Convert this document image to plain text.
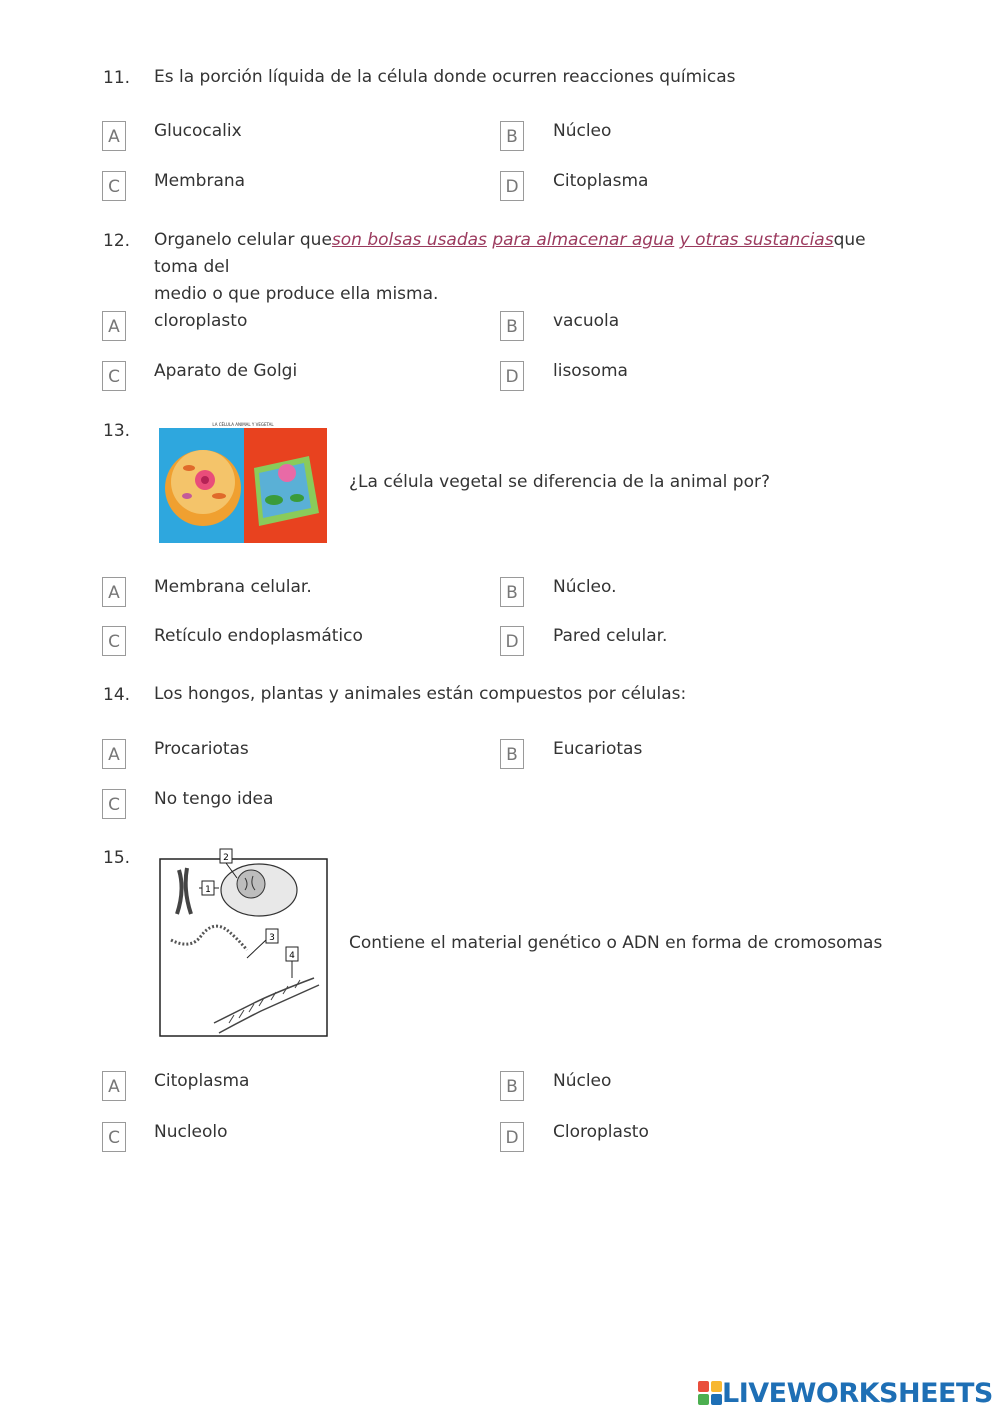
11. Es la porción líquida de la célula donde ocurren reacciones químicas
A	Glucocalix	B	Núcleo
C	Membrana	D	Citoplasma
12. Organelo celular queson bolsas usadas para almacenar agua y otras sustanciasque toma del
medio o que produce ella misma.
A	cloroplasto	B	vacuola
C	Aparato de Golgi	D	lisosoma
13.	LA CÉLULA ANIMAL Y VEGETAL
¿La célula vegetal se diferencia de la animal por?
A	Membrana celular.	B	Núcleo.
C	Retículo endoplasmático	D	Pared celular.
14. Los hongos, plantas y animales están compuestos por células:
A	Procariotas	B	Eucariotas
C	No tengo idea
15.
1
2
3
4
Contiene el material genético o ADN en forma de cromosomas
A	Citoplasma	B	Núcleo
C	Nucleolo	D	Cloroplasto
LIVEWORKSHEETS
